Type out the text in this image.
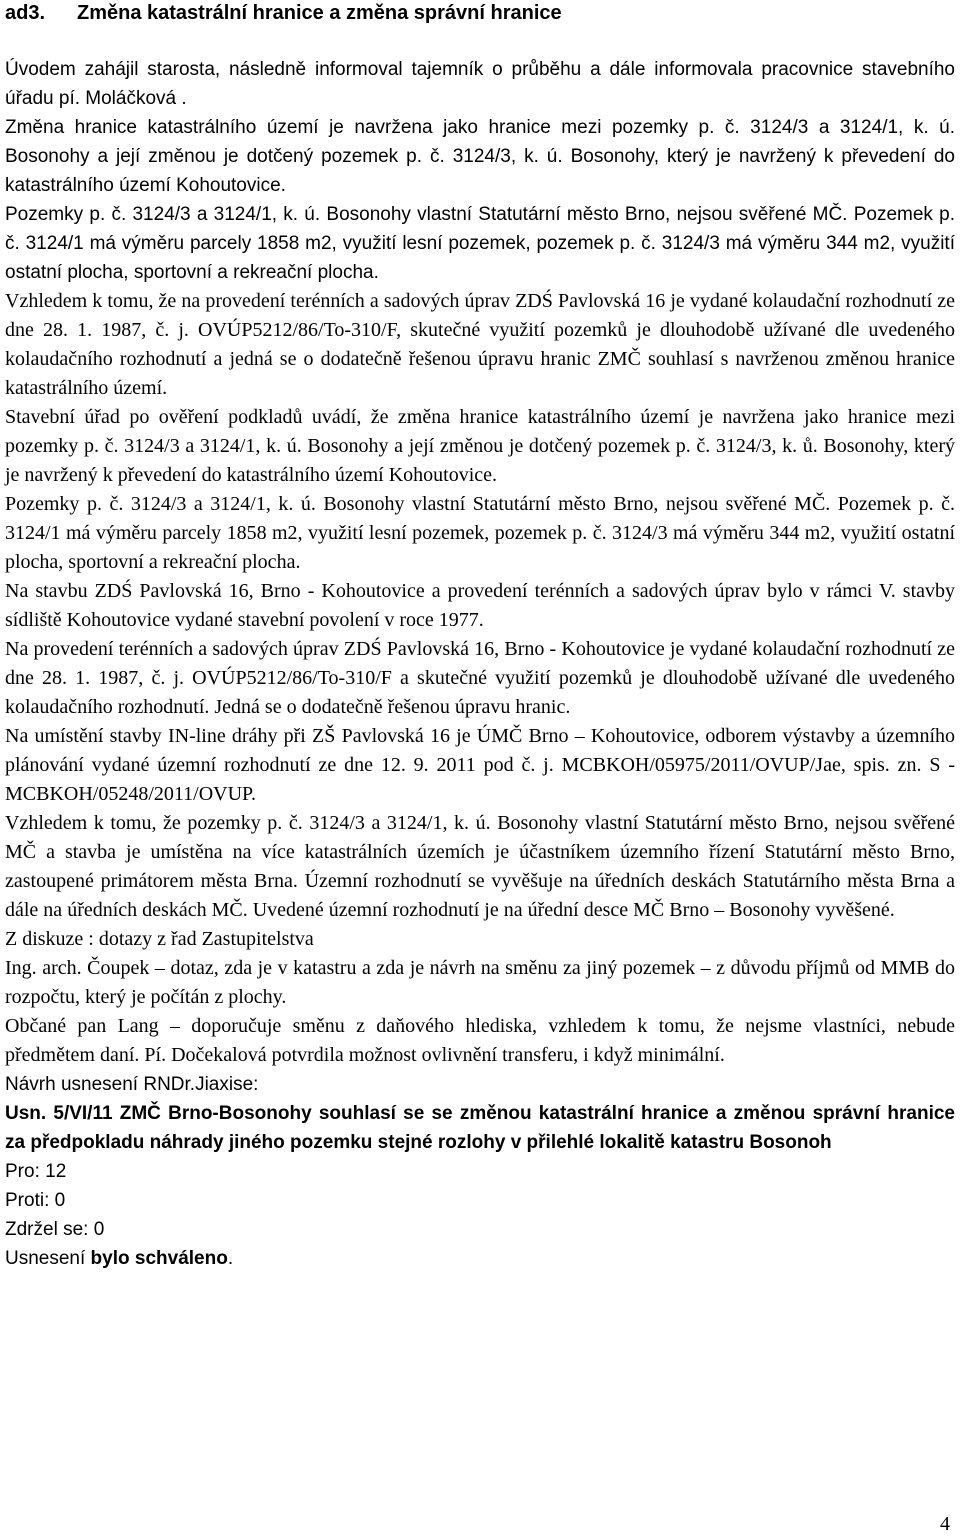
ad3. Změna katastrální hranice a změna správní hranice

Úvodem zahájil starosta, následně informoval tajemník o průběhu a dále informovala pracovnice stavebního úřadu pí. Moláčková .

Změna hranice katastrálního území je navržena jako hranice mezi pozemky p. č. 3124/3 a 3124/1, k. ú. Bosonohy a její změnou je dotčený pozemek p. č. 3124/3, k. ú. Bosonohy, který je navržený k převedení do katastrálního území Kohoutovice.

Pozemky p. č. 3124/3 a 3124/1, k. ú. Bosonohy vlastní Statutární město Brno, nejsou svěřené MČ. Pozemek p. č. 3124/1 má výměru parcely 1858 m2, využití lesní pozemek, pozemek p. č. 3124/3 má výměru 344 m2, využití ostatní plocha, sportovní a rekreační plocha.

Vzhledem k tomu, že na provedení terénních a sadových úprav ZDŚ Pavlovská 16 je vydané kolaudační rozhodnutí ze dne 28. 1. 1987, č. j. OVÚP5212/86/To-310/F, skutečné využití pozemků je dlouhodobě užívané dle uvedeného kolaudačního rozhodnutí a jedná se o dodatečně řešenou úpravu hranic ZMČ souhlasí s navrženou změnou hranice katastrálního území.

Stavební úřad po ověření podkladů uvádí, že změna hranice katastrálního území je navržena jako hranice mezi pozemky p. č. 3124/3 a 3124/1, k. ú. Bosonohy a její změnou je dotčený pozemek p. č. 3124/3, k. ů. Bosonohy, který je navržený k převedení do katastrálního území Kohoutovice.

Pozemky p. č. 3124/3 a 3124/1, k. ú. Bosonohy vlastní Statutární město Brno, nejsou svěřené MČ. Pozemek p. č. 3124/1 má výměru parcely 1858 m2, využití lesní pozemek, pozemek p. č. 3124/3 má výměru 344 m2, využití ostatní plocha, sportovní a rekreační plocha.

Na stavbu ZDŚ Pavlovská 16, Brno - Kohoutovice a provedení terénních a sadových úprav bylo v rámci V. stavby sídliště Kohoutovice vydané stavební povolení v roce 1977.

Na provedení terénních a sadových úprav ZDŚ Pavlovská 16, Brno - Kohoutovice je vydané kolaudační rozhodnutí ze dne 28. 1. 1987, č. j. OVÚP5212/86/To-310/F a skutečné využití pozemků je dlouhodobě užívané dle uvedeného kolaudačního rozhodnutí. Jedná se o dodatečně řešenou úpravu hranic.

Na umístění stavby IN-line dráhy při ZŠ Pavlovská 16 je ÚMČ Brno – Kohoutovice, odborem výstavby a územního plánování vydané územní rozhodnutí ze dne 12. 9. 2011 pod č. j. MCBKOH/05975/2011/OVUP/Jae, spis. zn. S - MCBKOH/05248/2011/OVUP.

Vzhledem k tomu, že pozemky p. č. 3124/3 a 3124/1, k. ú. Bosonohy vlastní Statutární město Brno, nejsou svěřené MČ a stavba je umístěna na více katastrálních územích je účastníkem územního řízení Statutární město Brno, zastoupené primátorem města Brna. Územní rozhodnutí se vyvěšuje na úředních deskách Statutárního města Brna a dále na úředních deskách MČ. Uvedené územní rozhodnutí je na úřední desce MČ Brno – Bosonohy vyvěšené.

Z diskuze : dotazy z řad Zastupitelstva

Ing. arch. Čoupek – dotaz, zda je v katastru a zda je návrh na směnu za jiný pozemek – z důvodu příjmů od MMB do rozpočtu, který je počítán z plochy.

Občané pan Lang – doporučuje směnu z daňového hlediska, vzhledem k tomu, že nejsme vlastníci, nebude předmětem daní. Pí. Dočekalová potvrdila možnost ovlivnění transferu, i když minimální.

Návrh usnesení RNDr.Jiaxise:

Usn. 5/VI/11 ZMČ Brno-Bosonohy souhlasí se se změnou katastrální hranice a změnou správní hranice za předpokladu náhrady jiného pozemku stejné rozlohy v přilehlé lokalitě katastru Bosonoh

Pro: 12

Proti: 0

Zdržel se: 0

Usnesení bylo schváleno.

4
